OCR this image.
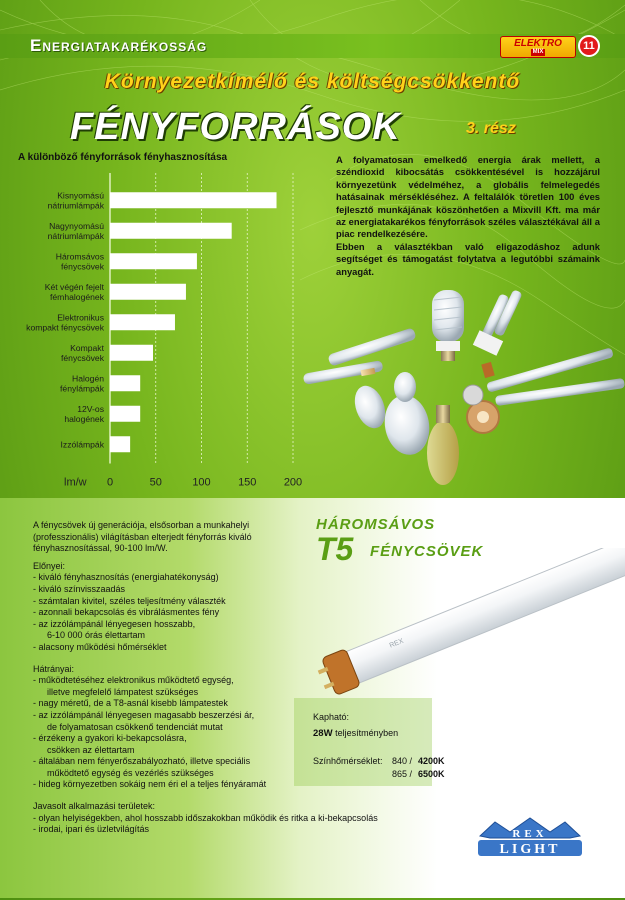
Energiatakarékosság	ELEKTRO
MIX	11
Környezetkímélő és költségcsökkentő
FÉNYFORRÁSOK	3. rész
A különböző fényforrások fényhasznosítása
0	50	100 150 200
lm/w
Kisnyomású nátriumlámpák
Nagynyomású nátriumlámpák
Háromsávos fénycsövek
Két végén fejelt fémhalogének
Elektronikus kompakt fénycsövek
Kompakt fénycsövek
Halogén fénylámpák
12V-os halogének
Izzólámpák

A folyamatosan emelkedő energia árak mellett, a széndioxid kibocsátás csökkentésével is hozzájárul környezetünk védelméhez, a globális felmelegedés hatásainak mérsékléséhez. A feltalálók töretlen 100 éves fejlesztő munkájának köszönhetően a Mixvill Kft. ma már az energiatakarékos fényforrások széles választékával áll a piac rendelkezésére.

Ebben a választékban való eligazodáshoz adunk segítséget és támogatást folytatva a legutóbbi számaink anyagát.

A fénycsövek új generációja, elsősorban a munkahelyi (professzionális) világításban elterjedt fényforrás kiváló fényhasznosítással, 90-100 lm/W.

Előnyei:

- kiváló fényhasznosítás (energiahatékonyság)

- kiváló színvisszaadás

- számtalan kivitel, széles teljesítmény választék

- azonnali bekapcsolás és vibrálásmentes fény

- az izzólámpánál lényegesen hosszabb,

6-10 000 órás élettartam

- alacsony működési hőmérséklet

Hátrányai:

- működtetéséhez elektronikus működtető egység,

illetve megfelelő lámpatest szükséges

- nagy méretű, de a T8-asnál kisebb lámpatestek

- az izzólámpánál lényegesen magasabb beszerzési ár,

de folyamatosan csökkenő tendenciát mutat

- érzékeny a gyakori ki-bekapcsolásra,

csökken az élettartam

- általában nem fényerőszabályozható, illetve speciális

működtető egység és vezérlés szükséges

- hideg környezetben sokáig nem éri el a teljes fényáramát

Javasolt alkalmazási területek:

- olyan helyiségekben, ahol hosszabb időszakokban működik és ritka a ki-bekapcsolás

- irodai, ipari és üzletvilágítás

HÁROMSÁVOS
T5 FÉNYCSÖVEK
REX
Kapható:
28W teljesítményben
Színhőmérséklet: 840 / 4200K
865 / 6500K
REX
LIGHT
